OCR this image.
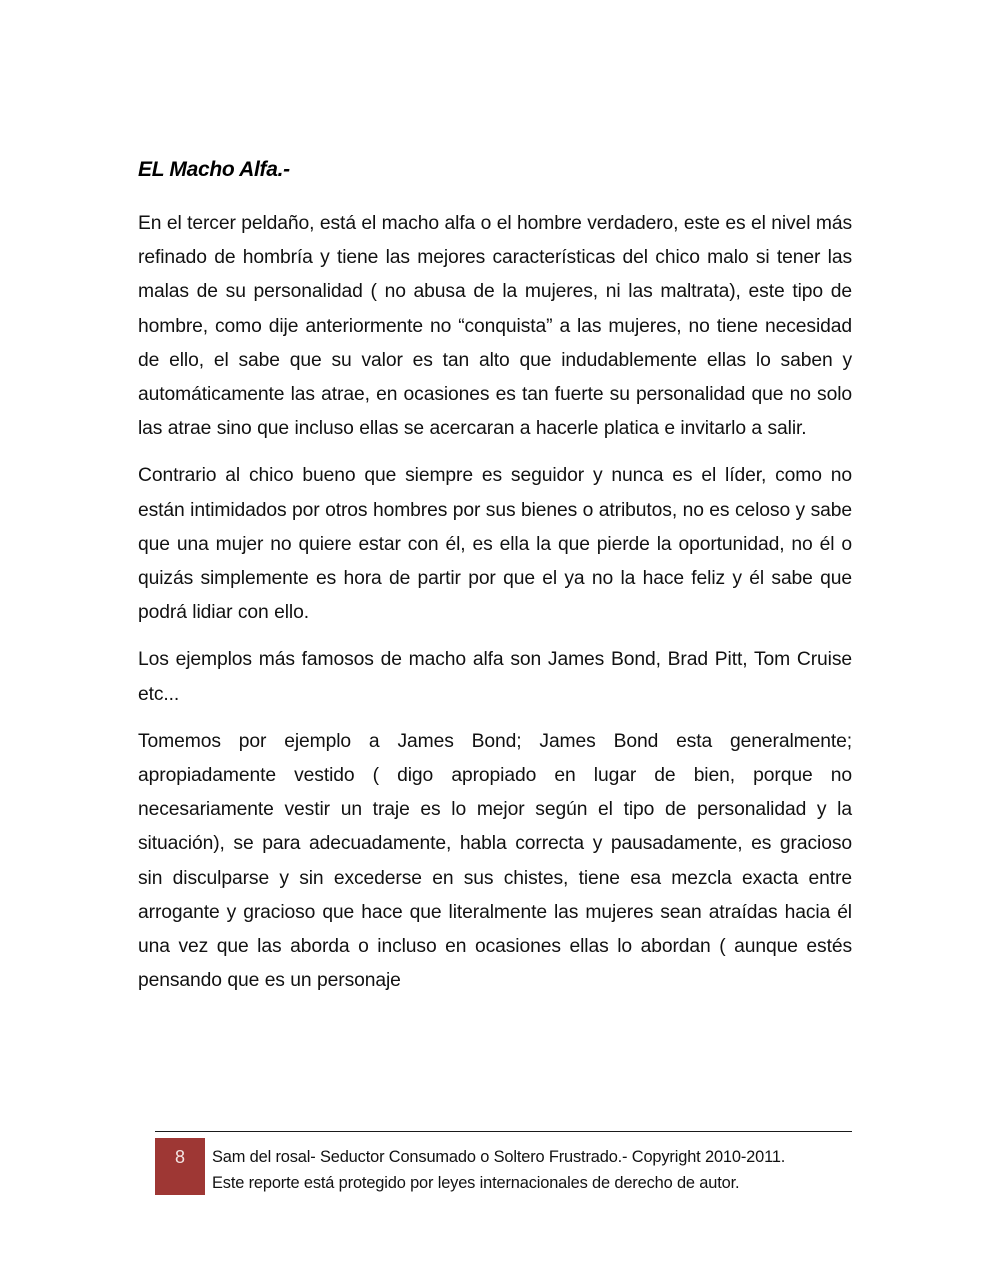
EL Macho Alfa.-

En el tercer peldaño, está el macho alfa o el hombre verdadero, este es el nivel más refinado de hombría y tiene las mejores características del chico malo si tener las malas de su personalidad ( no abusa de la mujeres, ni las maltrata), este tipo de hombre, como dije anteriormente no “conquista” a las mujeres, no tiene necesidad de ello, el sabe que su valor es tan alto que indudablemente ellas lo saben y automáticamente las atrae, en ocasiones es tan fuerte su personalidad que no solo las atrae sino que incluso ellas se acercaran a hacerle platica e invitarlo a salir.

Contrario al chico bueno que siempre es seguidor y nunca es el líder, como no están intimidados por otros hombres por sus bienes o atributos, no es celoso y sabe que una mujer no quiere estar con él, es ella la que pierde la oportunidad, no él o quizás simplemente es hora de partir por que el ya no la hace feliz y él sabe que podrá lidiar con ello.

Los ejemplos más famosos de macho alfa son James Bond, Brad Pitt, Tom Cruise etc...

Tomemos por ejemplo a James Bond; James Bond esta generalmente; apropiadamente vestido ( digo apropiado en lugar de bien, porque no necesariamente vestir un traje es lo mejor según el tipo de personalidad y la situación), se para adecuadamente, habla correcta y pausadamente, es gracioso sin disculparse y sin excederse en sus chistes, tiene esa mezcla exacta entre arrogante y gracioso que hace que literalmente las mujeres sean atraídas hacia él una vez que las aborda o incluso en ocasiones ellas lo abordan ( aunque estés pensando que es un personaje

8	Sam del rosal- Seductor Consumado o Soltero Frustrado.- Copyright 2010-2011.
Este reporte está protegido por leyes internacionales de derecho de autor.
